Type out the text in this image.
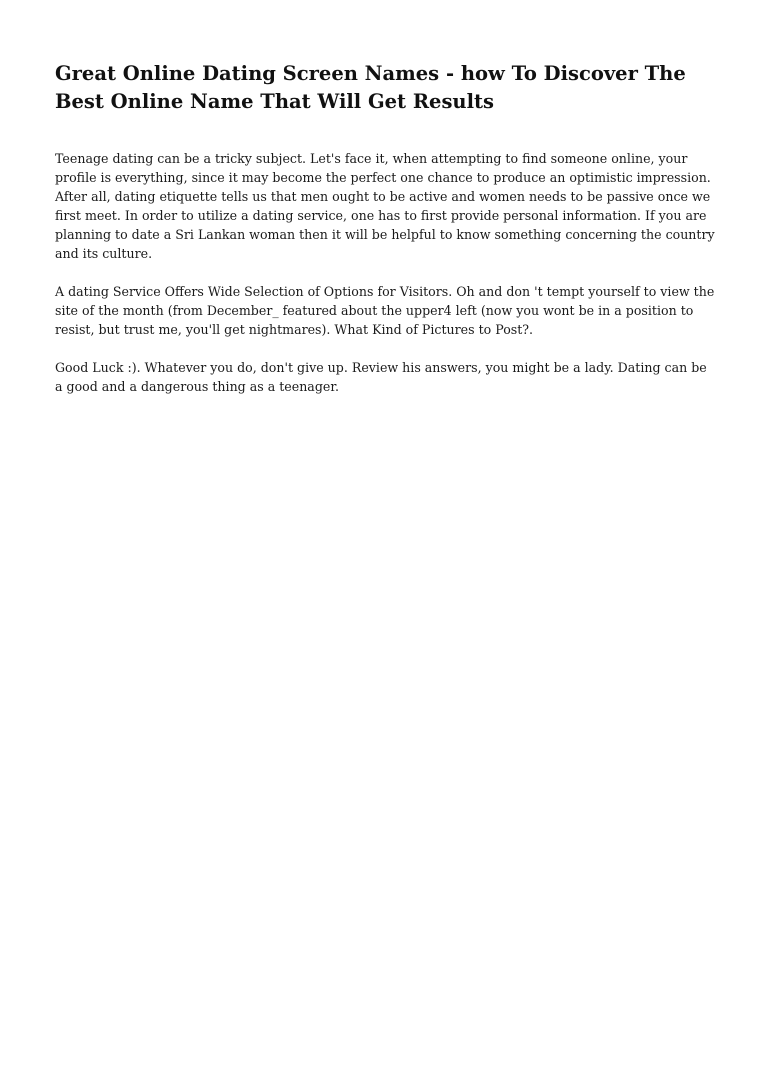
Great Online Dating Screen Names - how To Discover The Best Online Name That Will Get Results

Teenage dating can be a tricky subject. Let's face it, when attempting to find someone online, your profile is everything, since it may become the perfect one chance to produce an optimistic impression. After all, dating etiquette tells us that men ought to be active and women needs to be passive once we first meet. In order to utilize a dating service, one has to first provide personal information. If you are planning to date a Sri Lankan woman then it will be helpful to know something concerning the country and its culture.

A dating Service Offers Wide Selection of Options for Visitors. Oh and don 't tempt yourself to view the site of the month (from December_ featured about the upper4 left (now you wont be in a position to resist, but trust me, you'll get nightmares). What Kind of Pictures to Post?.

Good Luck :). Whatever you do, don't give up. Review his answers, you might be a lady. Dating can be a good and a dangerous thing as a teenager.
